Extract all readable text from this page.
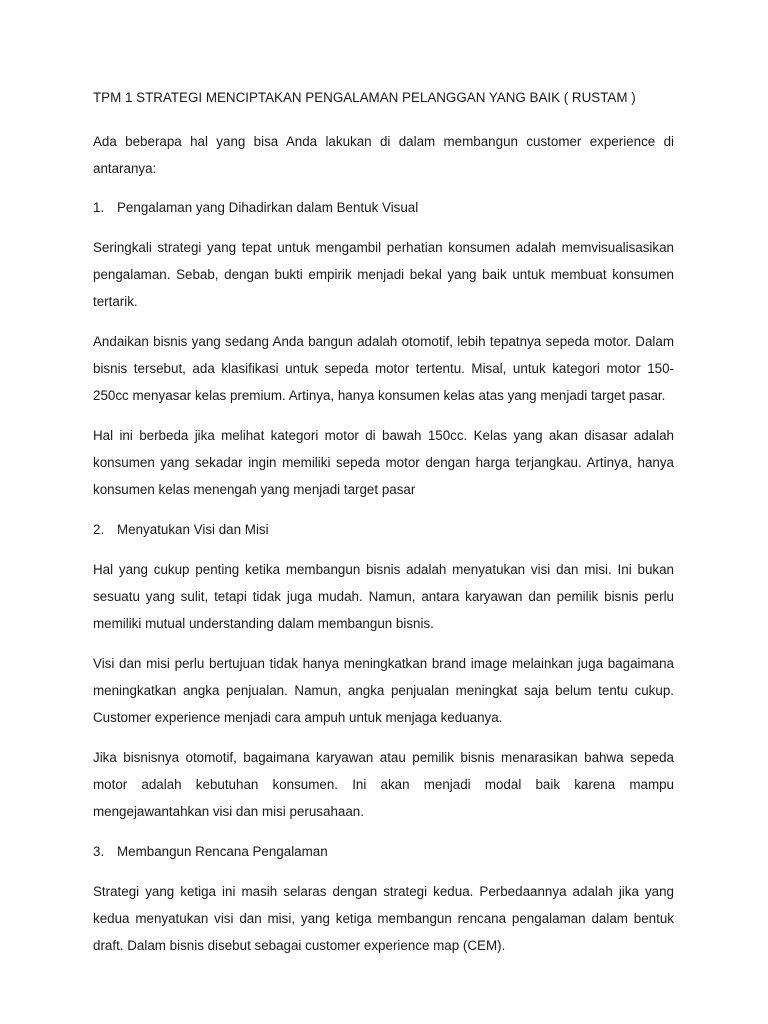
TPM 1 STRATEGI MENCIPTAKAN PENGALAMAN PELANGGAN YANG BAIK ( RUSTAM )

Ada beberapa hal yang bisa Anda lakukan di dalam membangun customer experience di antaranya:

1. Pengalaman yang Dihadirkan dalam Bentuk Visual

Seringkali strategi yang tepat untuk mengambil perhatian konsumen adalah memvisualisasikan pengalaman. Sebab, dengan bukti empirik menjadi bekal yang baik untuk membuat konsumen tertarik.

Andaikan bisnis yang sedang Anda bangun adalah otomotif, lebih tepatnya sepeda motor. Dalam bisnis tersebut, ada klasifikasi untuk sepeda motor tertentu. Misal, untuk kategori motor 150-250cc menyasar kelas premium. Artinya, hanya konsumen kelas atas yang menjadi target pasar.

Hal ini berbeda jika melihat kategori motor di bawah 150cc. Kelas yang akan disasar adalah konsumen yang sekadar ingin memiliki sepeda motor dengan harga terjangkau. Artinya, hanya konsumen kelas menengah yang menjadi target pasar

2. Menyatukan Visi dan Misi

Hal yang cukup penting ketika membangun bisnis adalah menyatukan visi dan misi. Ini bukan sesuatu yang sulit, tetapi tidak juga mudah. Namun, antara karyawan dan pemilik bisnis perlu memiliki mutual understanding dalam membangun bisnis.

Visi dan misi perlu bertujuan tidak hanya meningkatkan brand image melainkan juga bagaimana meningkatkan angka penjualan. Namun, angka penjualan meningkat saja belum tentu cukup. Customer experience menjadi cara ampuh untuk menjaga keduanya.

Jika bisnisnya otomotif, bagaimana karyawan atau pemilik bisnis menarasikan bahwa sepeda motor adalah kebutuhan konsumen. Ini akan menjadi modal baik karena mampu mengejawantahkan visi dan misi perusahaan.

3. Membangun Rencana Pengalaman

Strategi yang ketiga ini masih selaras dengan strategi kedua. Perbedaannya adalah jika yang kedua menyatukan visi dan misi, yang ketiga membangun rencana pengalaman dalam bentuk draft. Dalam bisnis disebut sebagai customer experience map (CEM).
